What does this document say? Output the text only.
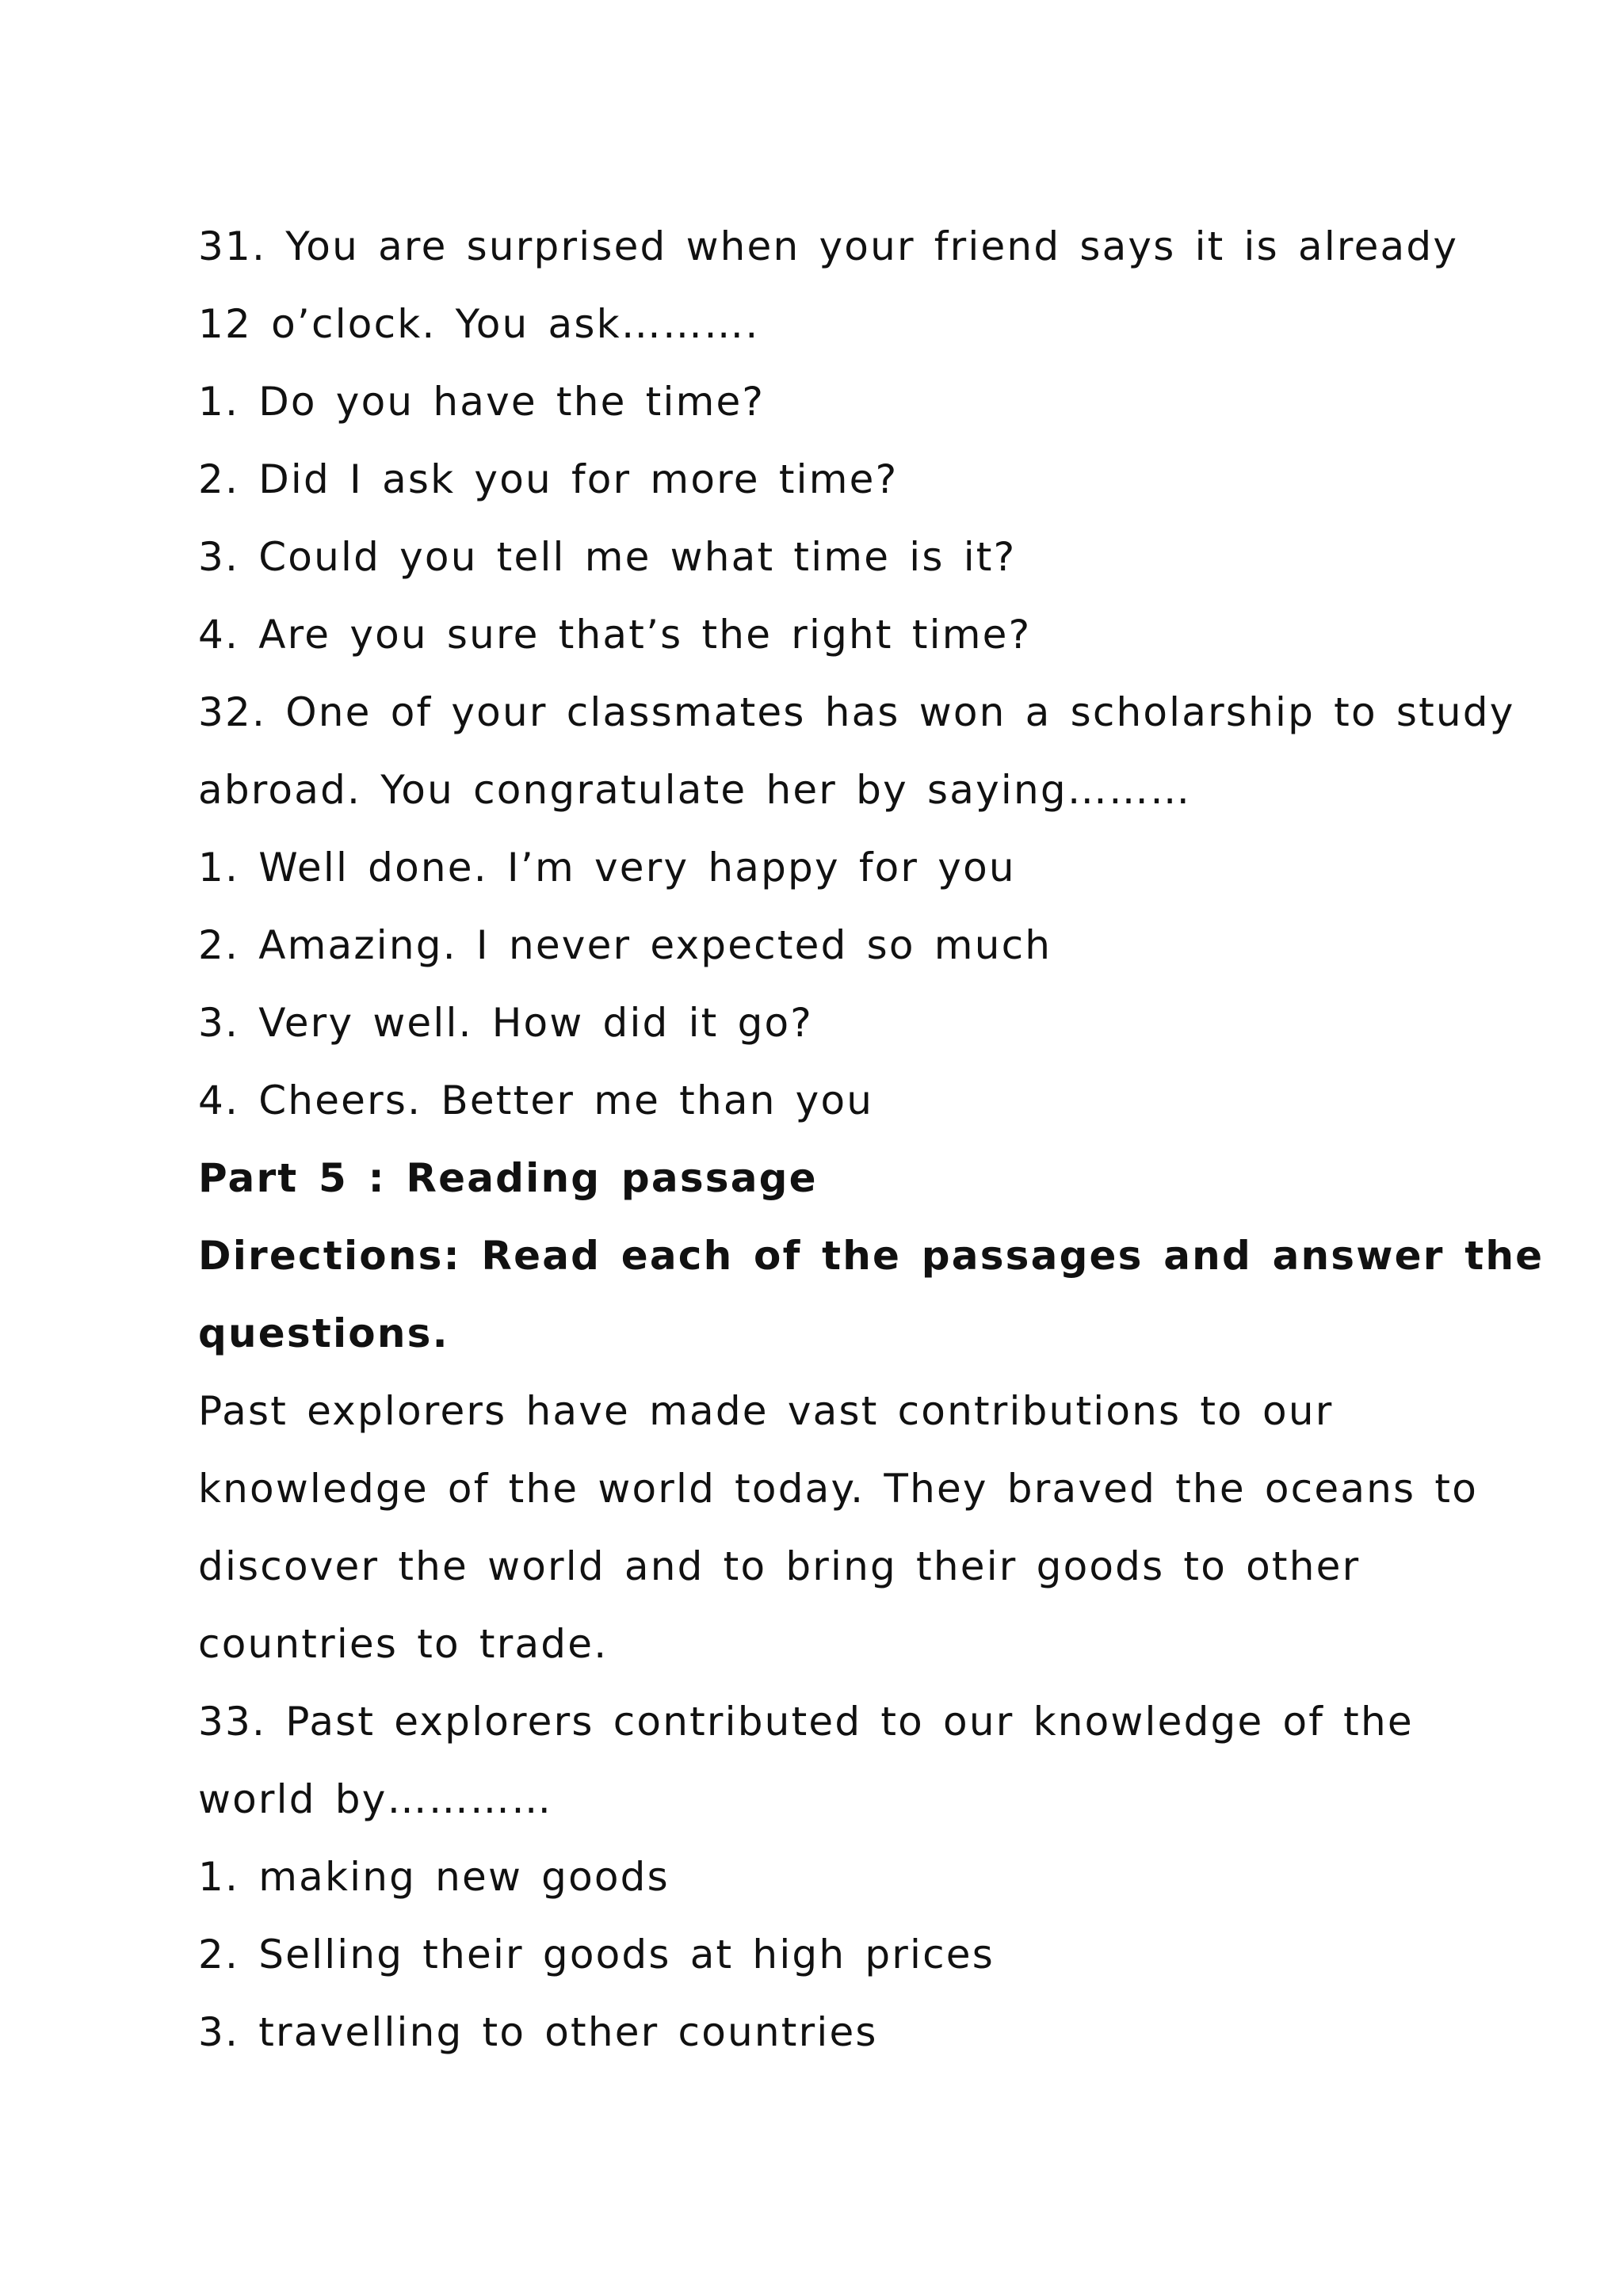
31. You are surprised when your friend says it is already
12 o’clock. You ask……….
1. Do you have the time?
2. Did I ask you for more time?
3. Could you tell me what time is it?
4. Are you sure that’s the right time?
32. One of your classmates has won a scholarship to study
abroad. You congratulate her by saying………
1. Well done. I’m very happy for you
2. Amazing. I never expected so much
3. Very well. How did it go?
4. Cheers. Better me than you
Part 5 : Reading passage
Directions: Read each of the passages and answer the
questions.
Past explorers have made vast contributions to our
knowledge of the world today. They braved the oceans to
discover the world and to bring their goods to other
countries to trade.
33. Past explorers contributed to our knowledge of the
world by…………
1. making new goods
2. Selling their goods at high prices
3. travelling to other countries
